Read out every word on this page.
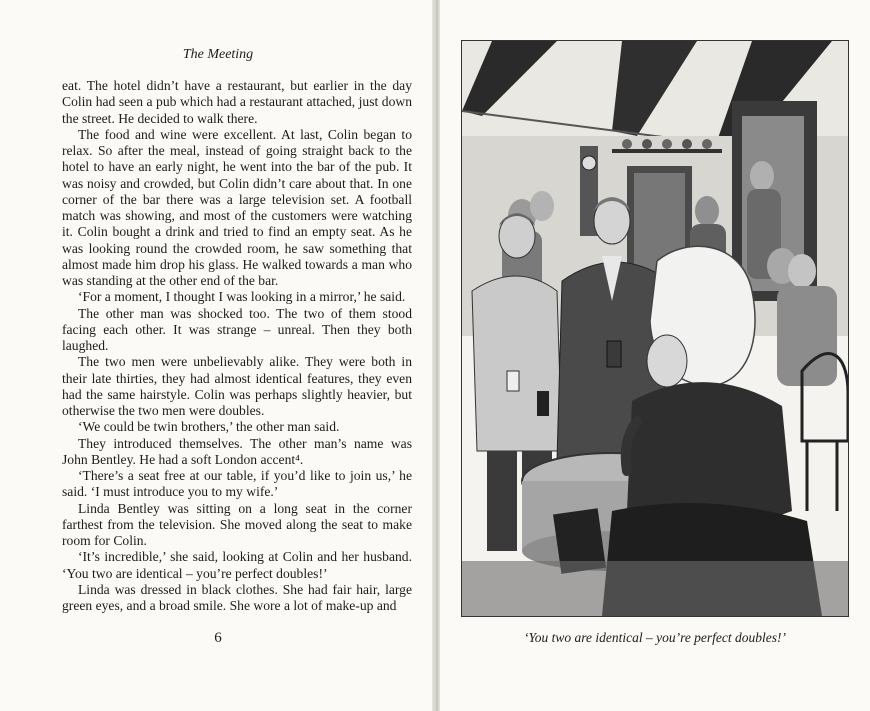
The Meeting

eat. The hotel didn’t have a restaurant, but earlier in the day Colin had seen a pub which had a restaurant attached, just down the street. He decided to walk there.

The food and wine were excellent. At last, Colin began to relax. So after the meal, instead of going straight back to the hotel to have an early night, he went into the bar of the pub. It was noisy and crowded, but Colin didn’t care about that. In one corner of the bar there was a large television set. A football match was showing, and most of the customers were watching it. Colin bought a drink and tried to find an empty seat. As he was looking round the crowded room, he saw something that almost made him drop his glass. He walked towards a man who was standing at the other end of the bar.

‘For a moment, I thought I was looking in a mirror,’ he said.

The other man was shocked too. The two of them stood facing each other. It was strange – unreal. Then they both laughed.

The two men were unbelievably alike. They were both in their late thirties, they had almost identical features, they even had the same hairstyle. Colin was perhaps slightly heavier, but otherwise the two men were doubles.

‘We could be twin brothers,’ the other man said.

They introduced themselves. The other man’s name was John Bentley. He had a soft London accent⁴.

‘There’s a seat free at our table, if you’d like to join us,’ he said. ‘I must introduce you to my wife.’

Linda Bentley was sitting on a long seat in the corner farthest from the television. She moved along the seat to make room for Colin.

‘It’s incredible,’ she said, looking at Colin and her husband. ‘You two are identical – you’re perfect doubles!’

Linda was dressed in black clothes. She had fair hair, large green eyes, and a broad smile. She wore a lot of make-up and

6	‘You two are identical – you’re perfect doubles!’
